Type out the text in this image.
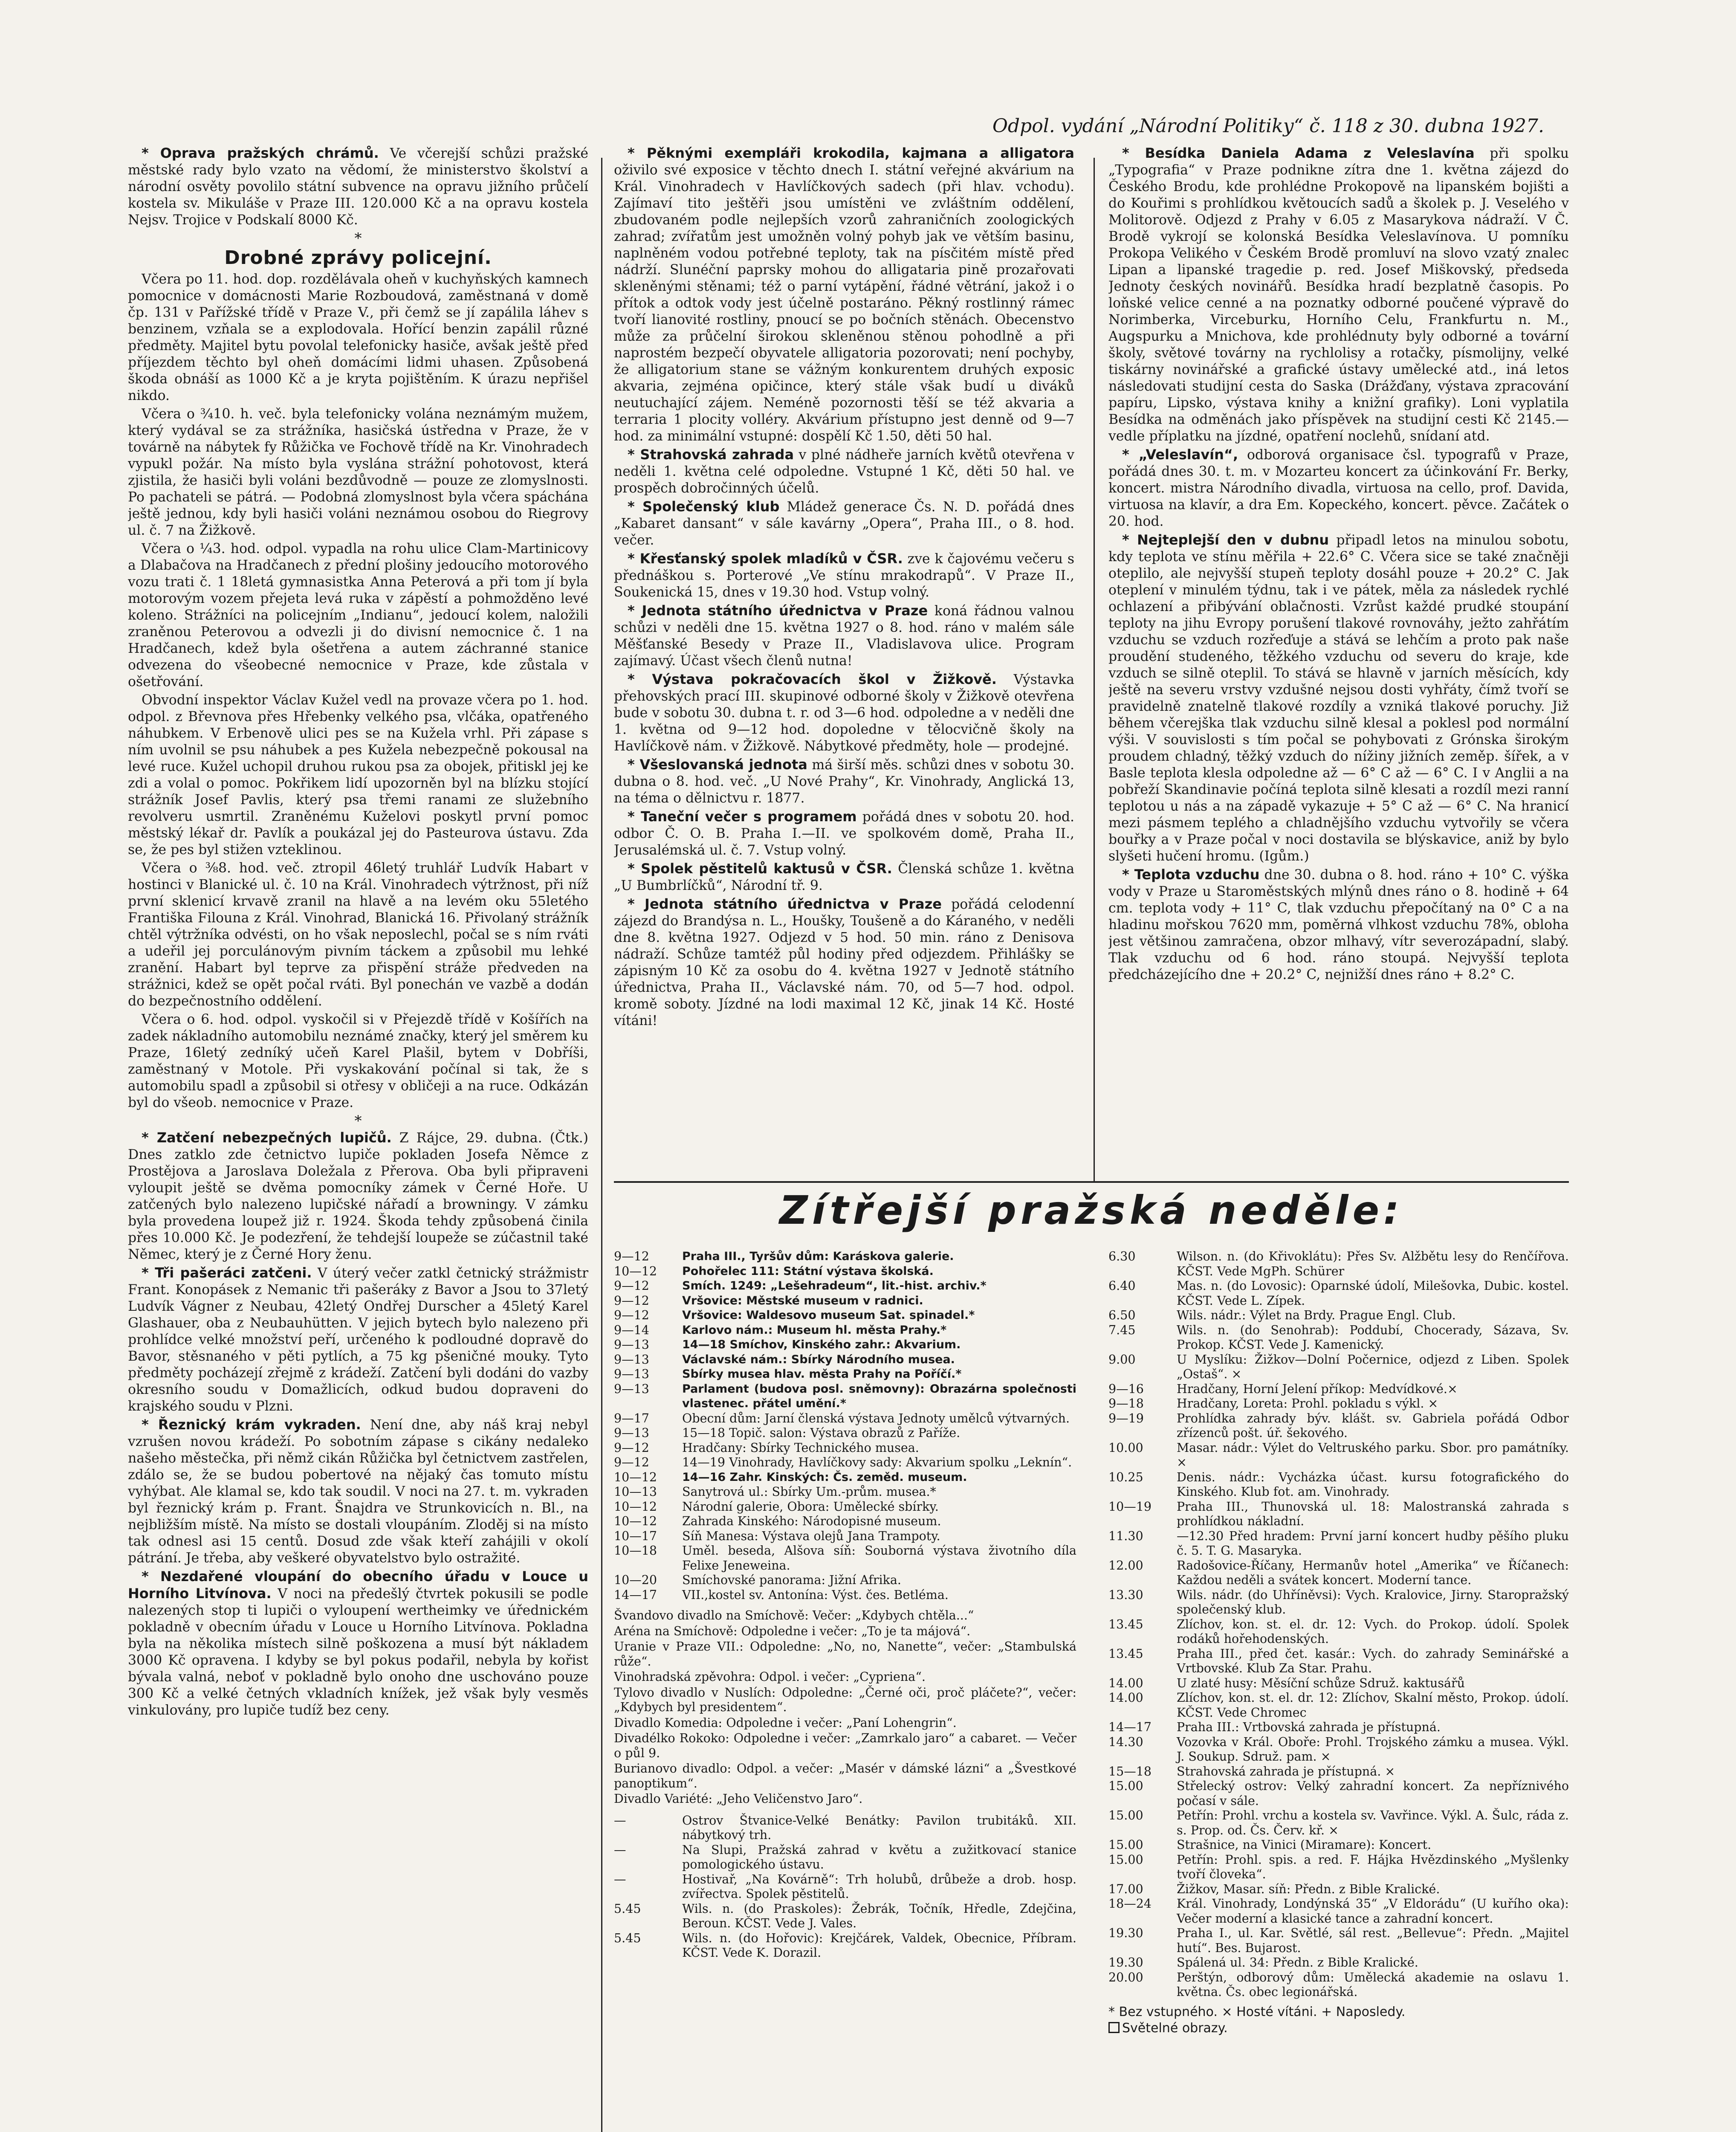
Odpol. vydání „Národní Politiky“ č. 118 z 30. dubna 1927.

* Oprava pražských chrámů. Ve včerejší schůzi pražské městské rady bylo vzato na vědomí, že ministerstvo školství a národní osvěty povolilo státní subvence na opravu jižního průčelí kostela sv. Mikuláše v Praze III. 120.000 Kč a na opravu kostela Nejsv. Trojice v Podskalí 8000 Kč.

*

Drobné zprávy policejní.

Včera po 11. hod. dop. rozdělávala oheň v kuchyňských kamnech pomocnice v domácnosti Marie Rozboudová, zaměstnaná v domě čp. 131 v Pařížské třídě v Praze V., při čemž se jí zapálila láhev s benzinem, vzňala se a explodovala. Hořící benzin zapálil různé předměty. Majitel bytu povolal telefonicky hasiče, avšak ještě před příjezdem těchto byl oheň domácími lidmi uhasen. Způsobená škoda obnáší as 1000 Kč a je kryta pojištěním. K úrazu nepřišel nikdo.

Včera o ¾10. h. več. byla telefonicky volána neznámým mužem, který vydával se za strážníka, hasičská ústředna v Praze, že v továrně na nábytek fy Růžička ve Fochově třídě na Kr. Vinohradech vypukl požár. Na místo byla vyslána strážní pohotovost, která zjistila, že hasiči byli voláni bezdůvodně — pouze ze zlomyslnosti. Po pachateli se pátrá. — Podobná zlomyslnost byla včera spáchána ještě jednou, kdy byli hasiči voláni neznámou osobou do Riegrovy ul. č. 7 na Žižkově.

Včera o ¼3. hod. odpol. vypadla na rohu ulice Clam-Martinicovy a Dlabačova na Hradčanech z přední plošiny jedoucího motorového vozu trati č. 1 18letá gymnasistka Anna Peterová a při tom jí byla motorovým vozem přejeta levá ruka v zápěstí a pohmožděno levé koleno. Strážníci na policejním „Indianu“, jedoucí kolem, naložili zraněnou Peterovou a odvezli ji do divisní nemocnice č. 1 na Hradčanech, kdež byla ošetřena a autem záchranné stanice odvezena do všeobecné nemocnice v Praze, kde zůstala v ošetřování.

Obvodní inspektor Václav Kužel vedl na provaze včera po 1. hod. odpol. z Břevnova přes Hřebenky velkého psa, vlčáka, opatřeného náhubkem. V Erbenově ulici pes se na Kužela vrhl. Při zápase s ním uvolnil se psu náhubek a pes Kužela nebezpečně pokousal na levé ruce. Kužel uchopil druhou rukou psa za obojek, přitiskl jej ke zdi a volal o pomoc. Pokřikem lidí upozorněn byl na blízku stojící strážník Josef Pavlis, který psa třemi ranami ze služebního revolveru usmrtil. Zraněnému Kuželovi poskytl první pomoc městský lékař dr. Pavlík a poukázal jej do Pasteurova ústavu. Zda se, že pes byl stižen vzteklinou.

Včera o ⅜8. hod. več. ztropil 46letý truhlář Ludvík Habart v hostinci v Blanické ul. č. 10 na Král. Vinohradech výtržnost, při níž první sklenicí krvavě zranil na hlavě a na levém oku 55letého Františka Filouna z Král. Vinohrad, Blanická 16. Přivolaný strážník chtěl výtržníka odvésti, on ho však neposlechl, počal se s ním rváti a udeřil jej porculánovým pivním táckem a způsobil mu lehké zranění. Habart byl teprve za přispění stráže předveden na strážnici, kdež se opět počal rváti. Byl ponechán ve vazbě a dodán do bezpečnostního oddělení.

Včera o 6. hod. odpol. vyskočil si v Přejezdě třídě v Košířích na zadek nákladního automobilu neznámé značky, který jel směrem ku Praze, 16letý zedníký učeň Karel Plašil, bytem v Dobříši, zaměstnaný v Motole. Při vyskakování počínal si tak, že s automobilu spadl a způsobil si otřesy v obličeji a na ruce. Odkázán byl do všeob. nemocnice v Praze.

*

* Zatčení nebezpečných lupičů. Z Rájce, 29. dubna. (Čtk.) Dnes zatklo zde četnictvo lupiče pokladen Josefa Němce z Prostějova a Jaroslava Doležala z Přerova. Oba byli připraveni vyloupit ještě se dvěma pomocníky zámek v Černé Hoře. U zatčených bylo nalezeno lupičské nářadí a browningy. V zámku byla provedena loupež již r. 1924. Škoda tehdy způsobená činila přes 10.000 Kč. Je podezření, že tehdejší loupeže se zúčastnil také Němec, který je z Černé Hory ženu.

* Tři pašeráci zatčeni. V úterý večer zatkl četnický strážmistr Frant. Konopásek z Nemanic tři pašeráky z Bavor a Jsou to 37letý Ludvík Vágner z Neubau, 42letý Ondřej Durscher a 45letý Karel Glashauer, oba z Neubauhütten. V jejich bytech bylo nalezeno při prohlídce velké množství peří, určeného k podloudné dopravě do Bavor, stěsnaného v pěti pytlích, a 75 kg pšeničné mouky. Tyto předměty pocházejí zřejmě z krádeží. Zatčení byli dodáni do vazby okresního soudu v Domažlicích, odkud budou dopraveni do krajského soudu v Plzni.

* Řeznický krám vykraden. Není dne, aby náš kraj nebyl vzrušen novou krádeží. Po sobotním zápase s cikány nedaleko našeho městečka, při němž cikán Růžička byl četnictvem zastřelen, zdálo se, že se budou pobertové na nějaký čas tomuto místu vyhýbat. Ale klamal se, kdo tak soudil. V noci na 27. t. m. vykraden byl řeznický krám p. Frant. Šnajdra ve Strunkovicích n. Bl., na nejbližším místě. Na místo se dostali vloupáním. Zloděj si na místo tak odnesl asi 15 centů. Dosud zde však kteří zahájili v okolí pátrání. Je třeba, aby veškeré obyvatelstvo bylo ostražité.

* Nezdařené vloupání do obecního úřadu v Louce u Horního Litvínova. V noci na předešlý čtvrtek pokusili se podle nalezených stop ti lupiči o vyloupení wertheimky ve úřednickém pokladně v obecním úřadu v Louce u Horního Litvínova. Pokladna byla na několika místech silně poškozena a musí být nákladem 3000 Kč opravena. I kdyby se byl pokus podařil, nebyla by kořist bývala valná, neboť v pokladně bylo onoho dne uschováno pouze 300 Kč a velké četných vkladních knížek, jež však byly vesměs vinkulovány, pro lupiče tudíž bez ceny.

* Pěknými exempláři krokodila, kajmana a alligatora oživilo své exposice v těchto dnech I. státní veřejné akvárium na Král. Vinohradech v Havlíčkových sadech (při hlav. vchodu). Zajímaví tito ještěři jsou umístěni ve zvláštním oddělení, zbudovaném podle nejlepších vzorů zahraničních zoologických zahrad; zvířatům jest umožněn volný pohyb jak ve větším basinu, naplněném vodou potřebné teploty, tak na písčitém místě před nádrží. Slunéční paprsky mohou do alligataria pině prozařovati skleněnými stěnami; též o parní vytápění, řádné větrání, jakož i o přítok a odtok vody jest účelně postaráno. Pěkný rostlinný rámec tvoří lianovité rostliny, pnoucí se po bočních stěnách. Obecenstvo může za průčelní širokou skleněnou stěnou pohodlně a při naprostém bezpečí obyvatele alligatoria pozorovati; není pochyby, že alligatorium stane se vážným konkurentem druhých exposic akvaria, zejména opičince, který stále však budí u diváků neutuchající zájem. Neméně pozornosti těší se též akvaria a terraria 1 plocity volléry. Akvárium přístupno jest denně od 9—7 hod. za minimální vstupné: dospělí Kč 1.50, děti 50 hal.

* Strahovská zahrada v plné nádheře jarních květů otevřena v neděli 1. května celé odpoledne. Vstupné 1 Kč, děti 50 hal. ve prospěch dobročinných účelů.

* Společenský klub Mládež generace Čs. N. D. pořádá dnes „Kabaret dansant“ v sále kavárny „Opera“, Praha III., o 8. hod. večer.

* Křesťanský spolek mladíků v ČSR. zve k čajovému večeru s přednáškou s. Porterové „Ve stínu mrakodrapů“. V Praze II., Soukenická 15, dnes v 19.30 hod. Vstup volný.

* Jednota státního úřednictva v Praze koná řádnou valnou schůzi v neděli dne 15. května 1927 o 8. hod. ráno v malém sále Měšťanské Besedy v Praze II., Vladislavova ulice. Program zajímavý. Účast všech členů nutna!

* Výstava pokračovacích škol v Žižkově. Výstavka přehovských prací III. skupinové odborné školy v Žižkově otevřena bude v sobotu 30. dubna t. r. od 3—6 hod. odpoledne a v neděli dne 1. května od 9—12 hod. dopoledne v tělocvičně školy na Havlíčkově nám. v Žižkově. Nábytkové předměty, hole — prodejné.

* Všeslovanská jednota má širší měs. schůzi dnes v sobotu 30. dubna o 8. hod. več. „U Nové Prahy“, Kr. Vinohrady, Anglická 13, na téma o dělnictvu r. 1877.

* Taneční večer s programem pořádá dnes v sobotu 20. hod. odbor Č. O. B. Praha I.—II. ve spolkovém domě, Praha II., Jerusalémská ul. č. 7. Vstup volný.

* Spolek pěstitelů kaktusů v ČSR. Členská schůze 1. května „U Bumbrlíčků“, Národní tř. 9.

* Jednota státního úřednictva v Praze pořádá celodenní zájezd do Brandýsa n. L., Houšky, Toušeně a do Káraného, v neděli dne 8. května 1927. Odjezd v 5 hod. 50 min. ráno z Denisova nádraží. Schůze tamtéž půl hodiny před odjezdem. Přihlášky se zápisným 10 Kč za osobu do 4. května 1927 v Jednotě státního úřednictva, Praha II., Václavské nám. 70, od 5—7 hod. odpol. kromě soboty. Jízdné na lodi maximal 12 Kč, jinak 14 Kč. Hosté vítáni!

* Besídka Daniela Adama z Veleslavína při spolku „Typografia“ v Praze podnikne zítra dne 1. května zájezd do Českého Brodu, kde prohlédne Prokopově na lipanském bojišti a do Kouřimi s prohlídkou květoucích sadů a školek p. J. Veselého v Molitorově. Odjezd z Prahy v 6.05 z Masarykova nádraží. V Č. Brodě vykrojí se kolonská Besídka Veleslavínova. U pomníku Prokopa Velikého v Českém Brodě promluví na slovo vzatý znalec Lipan a lipanské tragedie p. red. Josef Miškovský, předseda Jednoty českých novinářů. Besídka hradí bezplatně časopis. Po loňské velice cenné a na poznatky odborné poučené výpravě do Norimberka, Virceburku, Horního Celu, Frankfurtu n. M., Augspurku a Mnichova, kde prohlédnuty byly odborné a tovární školy, světové továrny na rychlolisy a rotačky, písmolijny, velké tiskárny novinářské a grafické ústavy umělecké atd., iná letos následovati studijní cesta do Saska (Drážďany, výstava zpracování papíru, Lipsko, výstava knihy a knižní grafiky). Loni vyplatila Besídka na odměnách jako příspěvek na studijní cesti Kč 2145.— vedle příplatku na jízdné, opatření noclehů, snídaní atd.

* „Veleslavín“, odborová organisace čsl. typografů v Praze, pořádá dnes 30. t. m. v Mozarteu koncert za účinkování Fr. Berky, koncert. mistra Národního divadla, virtuosa na cello, prof. Davida, virtuosa na klavír, a dra Em. Kopeckého, koncert. pěvce. Začátek o 20. hod.

* Nejteplejší den v dubnu připadl letos na minulou sobotu, kdy teplota ve stínu měřila + 22.6° C. Včera sice se také značněji oteplilo, ale nejvyšší stupeň teploty dosáhl pouze + 20.2° C. Jak oteplení v minulém týdnu, tak i ve pátek, měla za následek rychlé ochlazení a přibývání oblačnosti. Vzrůst každé prudké stoupání teploty na jihu Evropy porušení tlakové rovnováhy, ježto zahřátím vzduchu se vzduch rozřeďuje a stává se lehčím a proto pak naše proudění studeného, těžkého vzduchu od severu do kraje, kde vzduch se silně oteplil. To stává se hlavně v jarních měsících, kdy ještě na severu vrstvy vzdušné nejsou dosti vyhřáty, čímž tvoří se pravidelně znatelně tlakové rozdíly a vzniká tlakové poruchy. Již během včerejška tlak vzduchu silně klesal a poklesl pod normální výši. V souvislosti s tím počal se pohybovati z Grónska širokým proudem chladný, těžký vzduch do nížiny jižních zeměp. šířek, a v Basle teplota klesla odpoledne až — 6° C až — 6° C. I v Anglii a na pobřeží Skandinavie počíná teplota silně klesati a rozdíl mezi ranní teplotou u nás a na západě vykazuje + 5° C až — 6° C. Na hranicí mezi pásmem teplého a chladnějšího vzduchu vytvořily se včera bouřky a v Praze počal v noci dostavila se blýskavice, aniž by bylo slyšeti hučení hromu. (Igům.)

* Teplota vzduchu dne 30. dubna o 8. hod. ráno + 10° C. výška vody v Praze u Staroměstských mlýnů dnes ráno o 8. hodině + 64 cm. teplota vody + 11° C, tlak vzduchu přepočítaný na 0° C a na hladinu mořskou 7620 mm, poměrná vlhkost vzduchu 78%, obloha jest většinou zamračena, obzor mlhavý, vítr severozápadní, slabý. Tlak vzduchu od 6 hod. ráno stoupá. Nejvyšší teplota předcházejícího dne + 20.2° C, nejnižší dnes ráno + 8.2° C.

Zítřejší pražská neděle:
9—12	Praha III., Tyršův dům: Karáskova galerie.
10—12	Pohořelec 111: Státní výstava školská.
9—12	Smích. 1249: „Lešehradeum“, lit.-hist. archiv.*
9—12	Vršovice: Městské museum v radnici.
9—12	Vršovice: Waldesovo museum Sat. spinadel.*
9—14	Karlovo nám.: Museum hl. města Prahy.*
9—13	14—18 Smíchov, Kinského zahr.: Akvarium.
9—13	Václavské nám.: Sbírky Národního musea.
9—13	Sbírky musea hlav. města Prahy na Poříčí.*
9—13	Parlament (budova posl. sněmovny): Obrazárna společnosti vlasteneс. přátel umění.*
9—17	Obecní dům: Jarní členská výstava Jednoty umělců výtvarných.
9—13	15—18 Topič. salon: Výstava obrazů z Paříže.
9—12	Hradčany: Sbírky Technického musea.
9—12	14—19 Vinohrady, Havlíčkovy sady: Akvarium spolku „Leknín“.
10—12	14—16 Zahr. Kinských: Čs. zeměd. museum.
10—13	Sanytrová ul.: Sbírky Um.-prům. musea.*
10—12	Národní galerie, Obora: Umělecké sbírky.
10—12	Zahrada Kinského: Národopisné museum.
10—17	Síň Manesa: Výstava olejů Jana Trampoty.
10—18	Uměl. beseda, Alšova síň: Souborná výstava životního díla Felixe Jeneweina.
10—20	Smíchovské panorama: Jižní Afrika.
14—17	VII.,kostel sv. Antonína: Výst. čes. Betléma.

Švandovo divadlo na Smíchově: Večer: „Kdybych chtěla...“

Aréna na Smíchově: Odpoledne i večer: „To je ta májová“.

Uranie v Praze VII.: Odpoledne: „No, no, Nanette“, večer: „Stambulská růže“.

Vinohradská zpěvohra: Odpol. i večer: „Cypriena“.

Tylovo divadlo v Nuslích: Odpoledne: „Černé oči, proč pláčete?“, večer: „Kdybych byl presidentem“.

Divadlo Komedia: Odpoledne i večer: „Paní Lohengrin“.

Divadélko Rokoko: Odpoledne i večer: „Zamrkalo jaro“ a cabaret. — Večer o půl 9.

Burianovo divadlo: Odpol. a večer: „Masér v dámské lázni“ a „Švestkové panoptikum“.

Divadlo Variété: „Jeho Veličenstvo Jaro“.

—	Ostrov Štvanice-Velké Benátky: Pavilon trubitáků. XII. nábytkový trh.
—	Na Slupi, Pražská zahrad v květu a zužitkovací stanice pomologického ústavu.
—	Hostivař, „Na Kovárně“: Trh holubů, drůbeže a drob. hosp. zvířectva. Spolek pěstitelů.
5.45	Wils. n. (do Praskoles): Žebrák, Točník, Hředle, Zdejčina, Beroun. KČST. Vede J. Vales.
5.45	Wils. n. (do Hořovic): Krejčárek, Valdek, Obecnice, Příbram. KČST. Vede K. Dorazil.
6.30	Wilson. n. (do Křivoklátu): Přes Sv. Alžbětu lesy do Renčířova. KČST. Vede MgPh. Schürer
6.40	Mas. n. (do Lovosic): Oparnské údolí, Milešovka, Dubic. kostel. KČST. Vede L. Zípek.
6.50	Wils. nádr.: Výlet na Brdy. Prague Engl. Club.
7.45	Wils. n. (do Senohrab): Poddubí, Chocerady, Sázava, Sv. Prokop. KČST. Vede J. Kamenický.
9.00	U Myslíku: Žižkov—Dolní Počernice, odjezd z Liben. Spolek „Ostaš“. ×
9—16	Hradčany, Horní Jelení příkop: Medvídkové.×
9—18	Hradčany, Loreta: Prohl. pokladu s výkl. ×
9—19	Prohlídka zahrady býv. klášt. sv. Gabriela pořádá Odbor zřízenců pošt. úř. šekového.
10.00	Masar. nádr.: Výlet do Veltruského parku. Sbor. pro památníky. ×
10.25	Denis. nádr.: Vycházka účast. kursu fotografického do Kinského. Klub fot. am. Vinohrady.
10—19	Praha III., Thunovská ul. 18: Malostranská zahrada s prohlídkou nákladní.
11.30	—12.30 Před hradem: První jarní koncert hudby pěšího pluku č. 5. T. G. Masaryka.
12.00	Radošovice-Říčany, Hermanův hotel „Amerika“ ve Říčanech: Každou neděli a svátek koncert. Moderní tance.
13.30	Wils. nádr. (do Uhříněvsi): Vych. Kralovice, Jirny. Staropražský společenský klub.
13.45	Zlíchov, kon. st. el. dr. 12: Vych. do Prokop. údolí. Spolek rodáků hořehodenských.
13.45	Praha III., před čet. kasár.: Vych. do zahrady Seminářské a Vrtbovské. Klub Za Star. Prahu.
14.00	U zlaté husy: Měsíční schůze Sdruž. kaktusářů
14.00	Zlíchov, kon. st. el. dr. 12: Zlíchov, Skalní město, Prokop. údolí. KČST. Vede Chromec
14—17	Praha III.: Vrtbovská zahrada je přístupná.
14.30	Vozovka v Král. Oboře: Prohl. Trojského zámku a musea. Výkl. J. Soukup. Sdruž. pam. ×
15—18	Strahovská zahrada je přístupná. ×
15.00	Střelecký ostrov: Velký zahradní koncert. Za nepříznivého počasí v sále.
15.00	Petřín: Prohl. vrchu a kostela sv. Vavřince. Výkl. A. Šulc, ráda z. s. Prop. od. Čs. Červ. kř. ×
15.00	Strašnice, na Vinici (Miramare): Koncert.
15.00	Petřín: Prohl. spis. a red. F. Hájka Hvězdinského „Myšlenky tvoří človeka“.
17.00	Žižkov, Masar. síň: Předn. z Bible Kralické.
18—24	Král. Vinohrady, Londýnská 35“ „V Eldorádu“ (U kuřího oka): Večer moderní a klasické tance a zahradní koncert.
19.30	Praha I., ul. Kar. Světlé, sál rest. „Bellevue“: Předn. „Majitel hutí“. Bes. Bujarost.
19.30	Spálená ul. 34: Předn. z Bible Kralické.
20.00	Perštýn, odborový dům: Umělecká akademie na oslavu 1. května. Čs. obec legionářská.
* Bez vstupného. × Hosté vítáni. + Naposledy.
Světelné obrazy.
